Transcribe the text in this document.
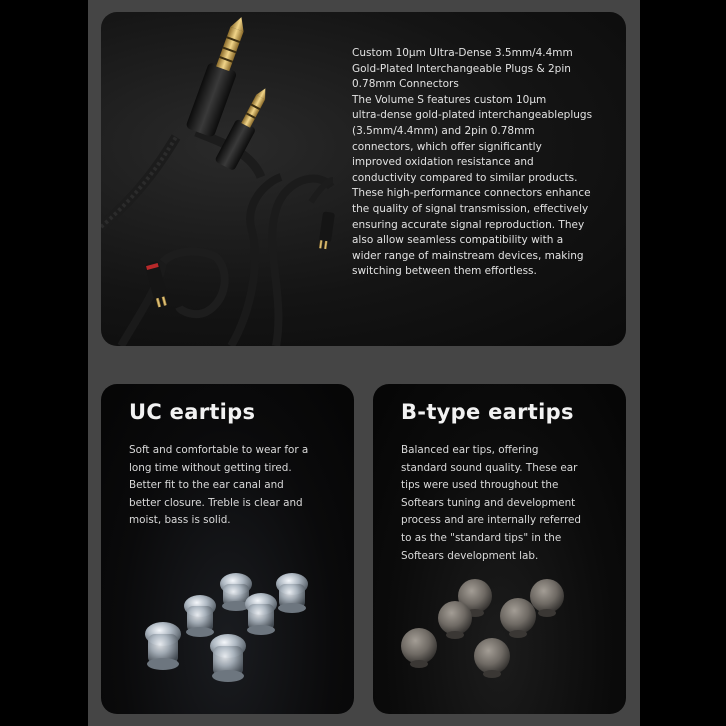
Custom 10µm Ultra-Dense 3.5mm/4.4mm

Gold-Plated Interchangeable Plugs & 2pin

0.78mm Connectors

The Volume S features custom 10µm

ultra-dense gold-plated interchangeableplugs

(3.5mm/4.4mm) and 2pin 0.78mm

connectors, which offer significantly

improved oxidation resistance and

conductivity compared to similar products.

These high-performance connectors enhance

the quality of signal transmission, effectively

ensuring accurate signal reproduction. They

also allow seamless compatibility with a

wider range of mainstream devices, making

switching between them effortless.

UC eartips
Soft and comfortable to wear for a
long time without getting tired.
Better fit to the ear canal and
better closure. Treble is clear and
moist, bass is solid.
B-type eartips
Balanced ear tips, offering
standard sound quality. These ear
tips were used throughout the
Softears tuning and development
process and are internally referred
to as the "standard tips" in the
Softears development lab.
